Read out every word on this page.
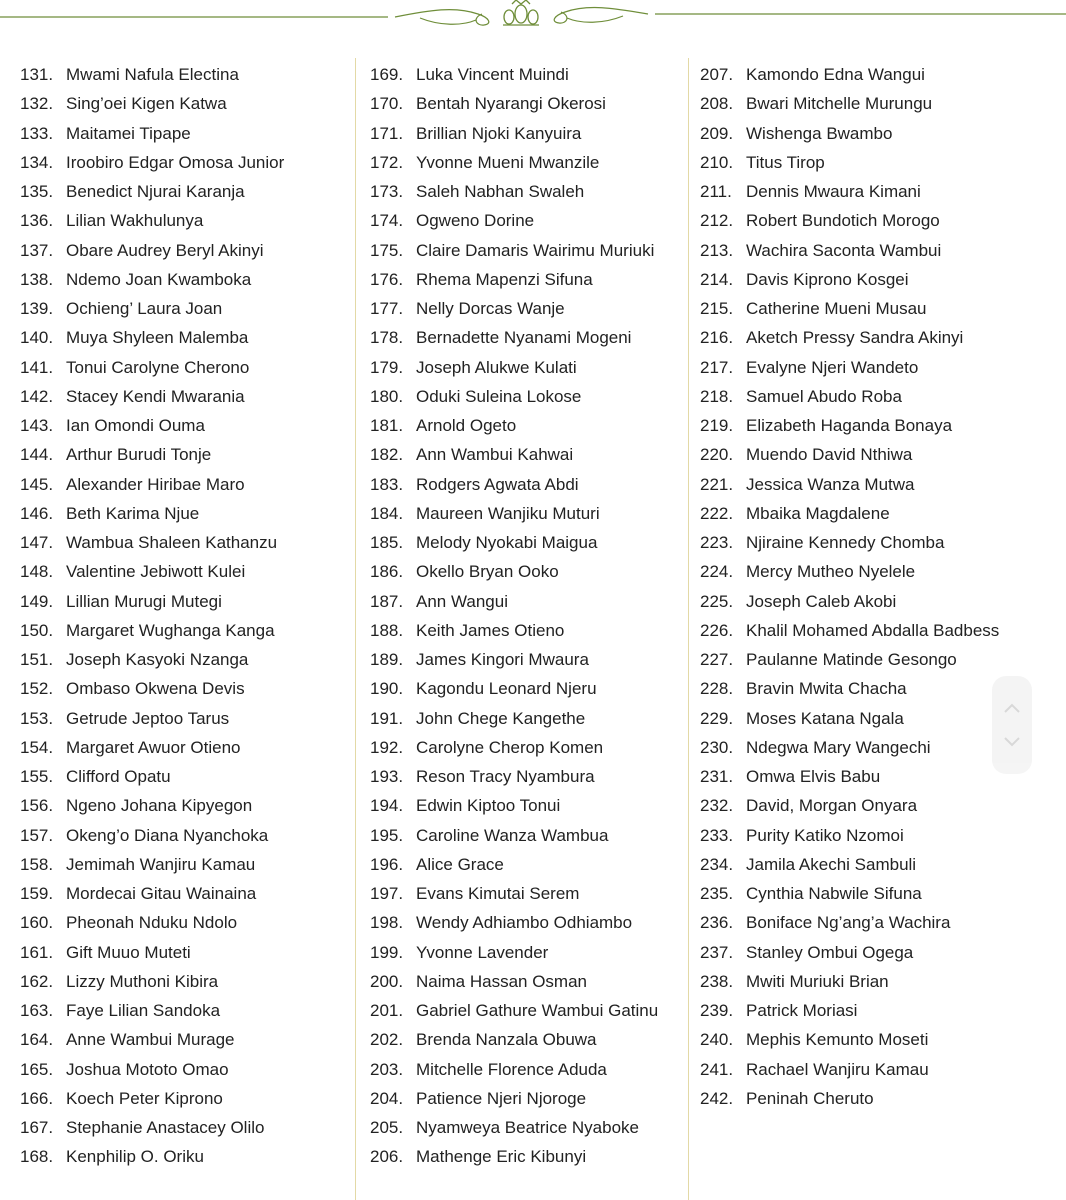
131. Mwami Nafula Electina
132. Sing’oei Kigen Katwa
133. Maitamei Tipape
134. Iroobiro Edgar Omosa Junior
135. Benedict Njurai Karanja
136. Lilian Wakhulunya
137. Obare Audrey Beryl Akinyi
138. Ndemo Joan Kwamboka
139. Ochieng’ Laura Joan
140. Muya Shyleen Malemba
141. Tonui Carolyne Cherono
142. Stacey Kendi Mwarania
143. Ian Omondi Ouma
144. Arthur Burudi Tonje
145. Alexander Hiribae Maro
146. Beth Karima Njue
147. Wambua Shaleen Kathanzu
148. Valentine Jebiwott Kulei
149. Lillian Murugi Mutegi
150. Margaret Wughanga Kanga
151. Joseph Kasyoki Nzanga
152. Ombaso Okwena Devis
153. Getrude Jeptoo Tarus
154. Margaret Awuor Otieno
155. Clifford Opatu
156. Ngeno Johana Kipyegon
157. Okeng’o Diana Nyanchoka
158. Jemimah Wanjiru Kamau
159. Mordecai Gitau Wainaina
160. Pheonah Nduku Ndolo
161. Gift Muuo Muteti
162. Lizzy Muthoni Kibira
163. Faye Lilian Sandoka
164. Anne Wambui Murage
165. Joshua Mototo Omao
166. Koech Peter Kiprono
167. Stephanie Anastacey Olilo
168. Kenphilip O. Oriku
169. Luka Vincent Muindi
170. Bentah Nyarangi Okerosi
171. Brillian Njoki Kanyuira
172. Yvonne Mueni Mwanzile
173. Saleh Nabhan Swaleh
174. Ogweno Dorine
175. Claire Damaris Wairimu Muriuki
176. Rhema Mapenzi Sifuna
177. Nelly Dorcas Wanje
178. Bernadette Nyanami Mogeni
179. Joseph Alukwe Kulati
180. Oduki Suleina Lokose
181. Arnold Ogeto
182. Ann Wambui Kahwai
183. Rodgers Agwata Abdi
184. Maureen Wanjiku Muturi
185. Melody Nyokabi Maigua
186. Okello Bryan Ooko
187. Ann Wangui
188. Keith James Otieno
189. James Kingori Mwaura
190. Kagondu Leonard Njeru
191. John Chege Kangethe
192. Carolyne Cherop Komen
193. Reson Tracy Nyambura
194. Edwin Kiptoo Tonui
195. Caroline Wanza Wambua
196. Alice Grace
197. Evans Kimutai Serem
198. Wendy Adhiambo Odhiambo
199. Yvonne Lavender
200. Naima Hassan Osman
201. Gabriel Gathure Wambui Gatinu
202. Brenda Nanzala Obuwa
203. Mitchelle Florence Aduda
204. Patience Njeri Njoroge
205. Nyamweya Beatrice Nyaboke
206. Mathenge Eric Kibunyi
207. Kamondo Edna Wangui
208. Bwari Mitchelle Murungu
209. Wishenga Bwambo
210. Titus Tirop
211. Dennis Mwaura Kimani
212. Robert Bundotich Morogo
213. Wachira Saconta Wambui
214. Davis Kiprono Kosgei
215. Catherine Mueni Musau
216. Aketch Pressy Sandra Akinyi
217. Evalyne Njeri Wandeto
218. Samuel Abudo Roba
219. Elizabeth Haganda Bonaya
220. Muendo David Nthiwa
221. Jessica Wanza Mutwa
222. Mbaika Magdalene
223. Njiraine Kennedy Chomba
224. Mercy Mutheo Nyelele
225. Joseph Caleb Akobi
226. Khalil Mohamed Abdalla Badbess
227. Paulanne Matinde Gesongo
228. Bravin Mwita Chacha
229. Moses Katana Ngala
230. Ndegwa Mary Wangechi
231. Omwa Elvis Babu
232. David, Morgan Onyara
233. Purity Katiko Nzomoi
234. Jamila Akechi Sambuli
235. Cynthia Nabwile Sifuna
236. Boniface Ng’ang’a Wachira
237. Stanley Ombui Ogega
238. Mwiti Muriuki Brian
239. Patrick Moriasi
240. Mephis Kemunto Moseti
241. Rachael Wanjiru Kamau
242. Peninah Cheruto
